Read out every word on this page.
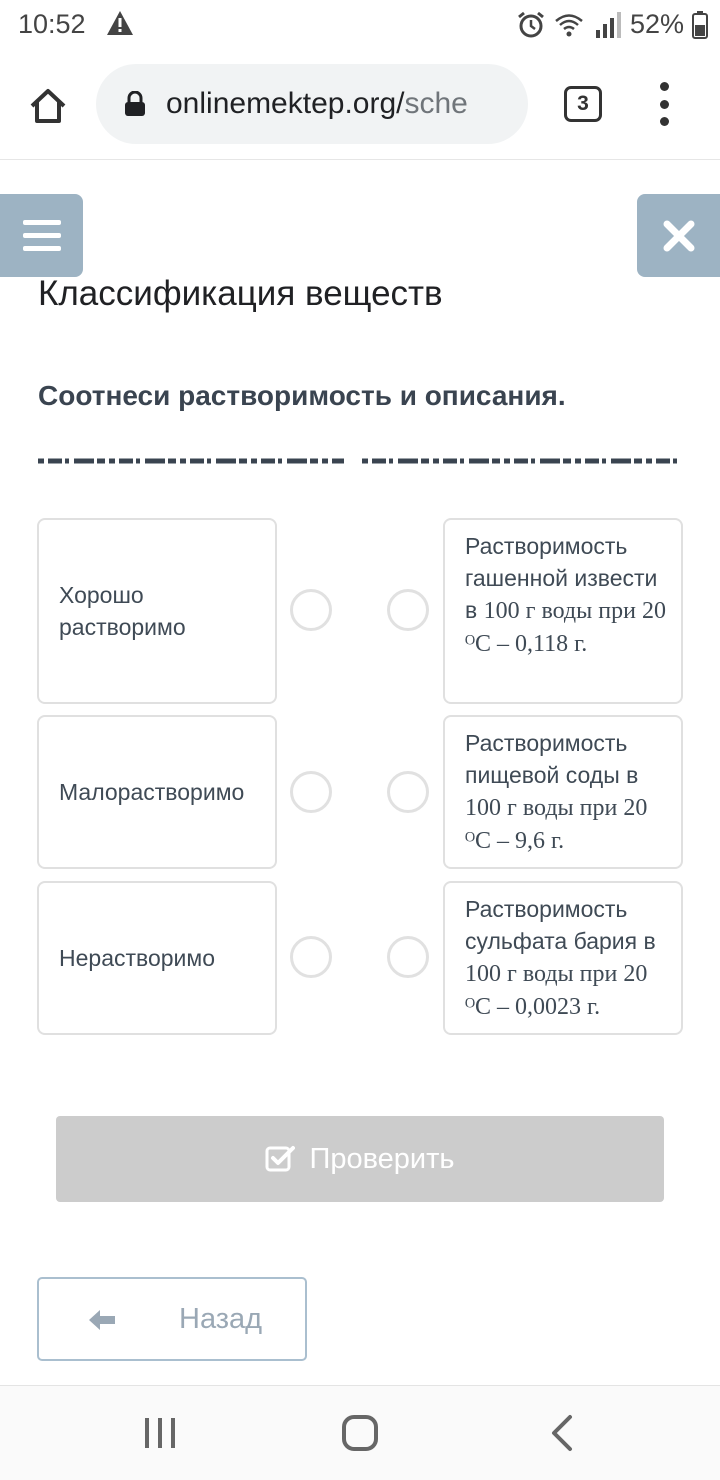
10:52	52%
onlinemektep.org/sche	3
Классификация веществ
Соотнеси растворимость и описания.
Хорошо растворимо
Растворимость гашенной извести в 100 г воды при 20 ᴼC – 0,118 г.
Малорастворимо
Растворимость пищевой соды в 100 г воды при 20 ᴼC – 9,6 г.
Нерастворимо
Растворимость сульфата бария в 100 г воды при 20 ᴼC – 0,0023 г.
Проверить
Назад
